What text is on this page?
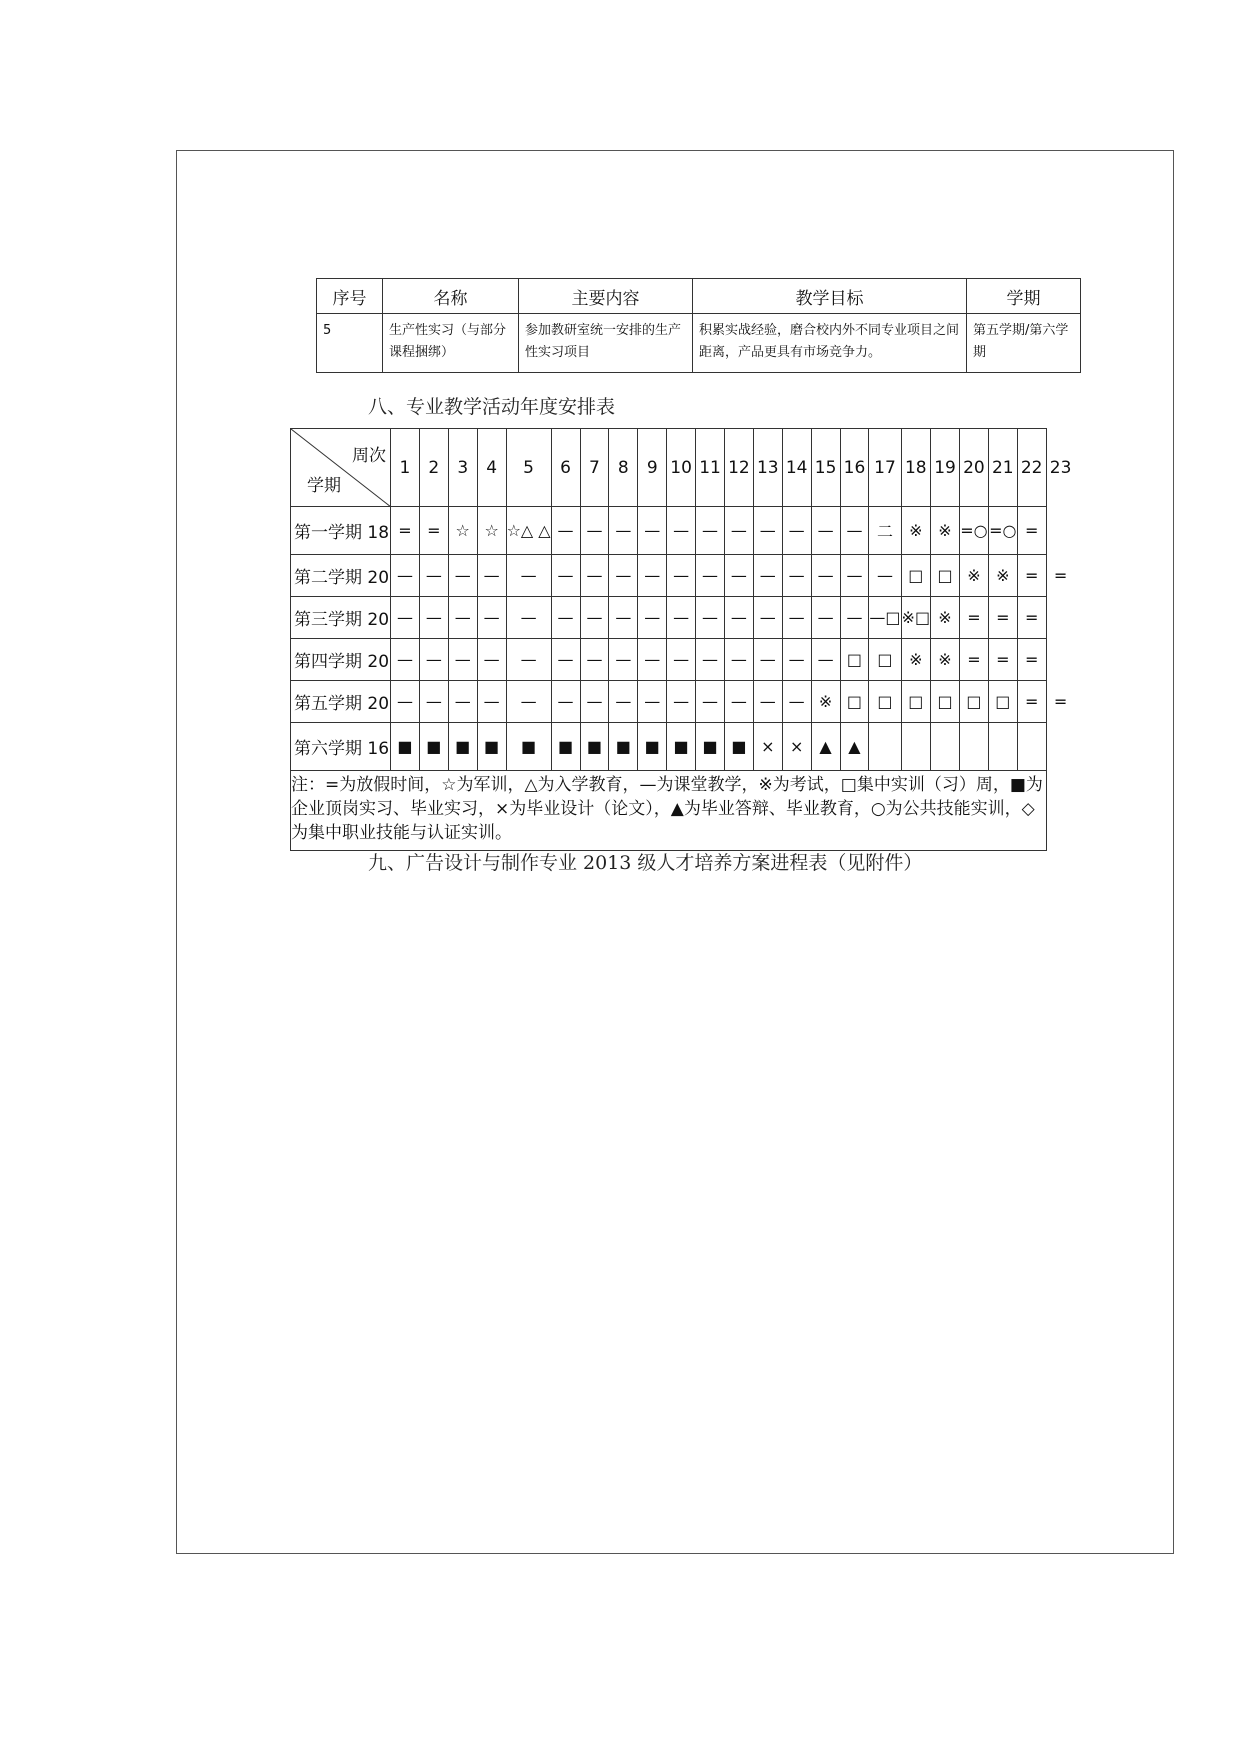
序号	名称	主要内容	教学目标	学期
5	生产性实习（与部分课程捆绑）	参加教研室统一安排的生产性实习项目	积累实战经验，磨合校内外不同专业项目之间距离，产品更具有市场竞争力。	第五学期/第六学期
八、专业教学活动年度安排表
周次
学期	1	2	3	4	5	6	7	8	9	10	11	12	13	14	15	16	17	18	19	20	21	22	23
第一学期 18	=	=	☆	☆	☆△ △	—	—	—	—	—	—	—	—	—	—	—	二	※	※	=○	=○	=	
第二学期 20	—	—	—	—	—	—	—	—	—	—	—	—	—	—	—	—	—	□	□	※	※	=	=
第三学期 20	—	—	—	—	—	—	—	—	—	—	—	—	—	—	—	—	—□	※□	※	=	=	=	
第四学期 20	—	—	—	—	—	—	—	—	—	—	—	—	—	—	—	□	□	※	※	=	=	=	
第五学期 20	—	—	—	—	—	—	—	—	—	—	—	—	—	—	※	□	□	□	□	□	□	=	=
第六学期 16	■	■	■	■	■	■	■	■	■	■	■	■	×	×	▲	▲							
注：=为放假时间，☆为军训，△为入学教育，—为课堂教学，※为考试，□集中实训（习）周，■为企业顶岗实习、毕业实习，×为毕业设计（论文），▲为毕业答辩、毕业教育，○为公共技能实训，◇为集中职业技能与认证实训。																							
九、广告设计与制作专业 2013 级人才培养方案进程表（见附件）
